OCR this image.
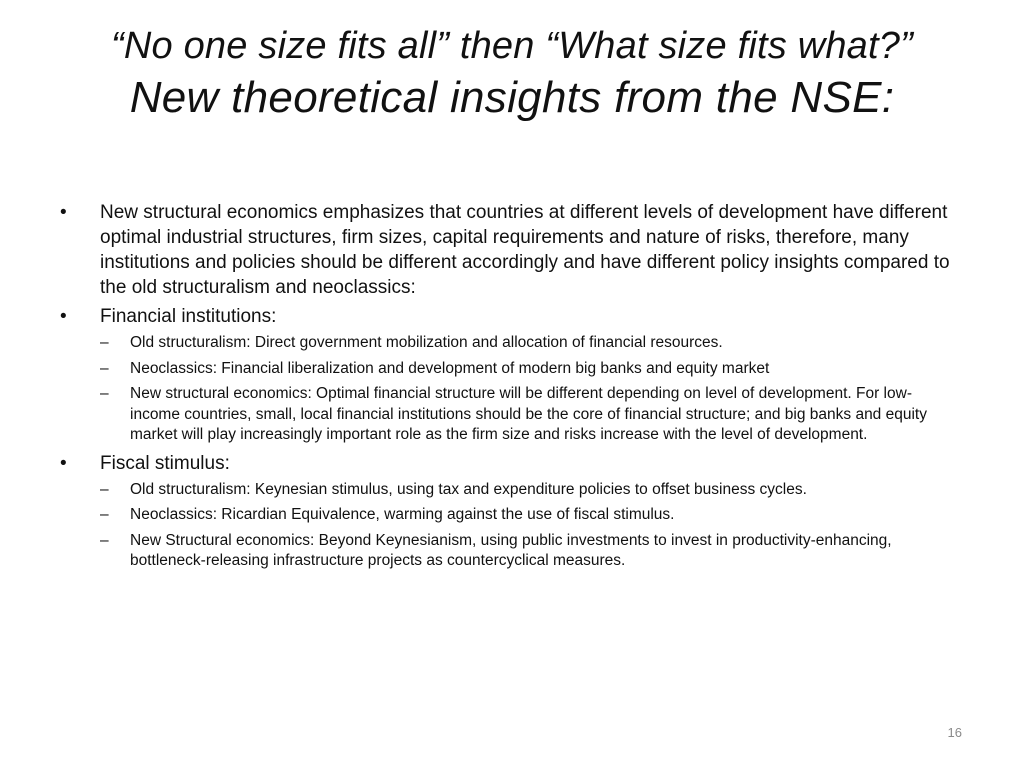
“No one size fits all” then “What size fits what?”
New theoretical insights from the NSE:
•	New structural economics emphasizes that countries at different levels of development have different optimal industrial structures, firm sizes, capital requirements and nature of risks, therefore, many institutions and policies should be different accordingly and have different policy insights compared to the old structuralism and neoclassics:
•	Financial institutions:
–	Old structuralism: Direct government mobilization and allocation of financial resources.
–	Neoclassics: Financial liberalization and development of modern big banks and equity market
–	New structural economics: Optimal financial structure will be different depending on level of development. For low-income countries, small, local financial institutions should be the core of financial structure; and big banks and equity market will play increasingly important role as the firm size and risks increase with the level of development.
•	Fiscal stimulus:
–	Old structuralism: Keynesian stimulus, using tax and expenditure policies to offset business cycles.
–	Neoclassics: Ricardian Equivalence, warming against the use of fiscal stimulus.
–	New Structural economics: Beyond Keynesianism, using public investments to invest in productivity-enhancing, bottleneck-releasing infrastructure projects as countercyclical measures.
16
